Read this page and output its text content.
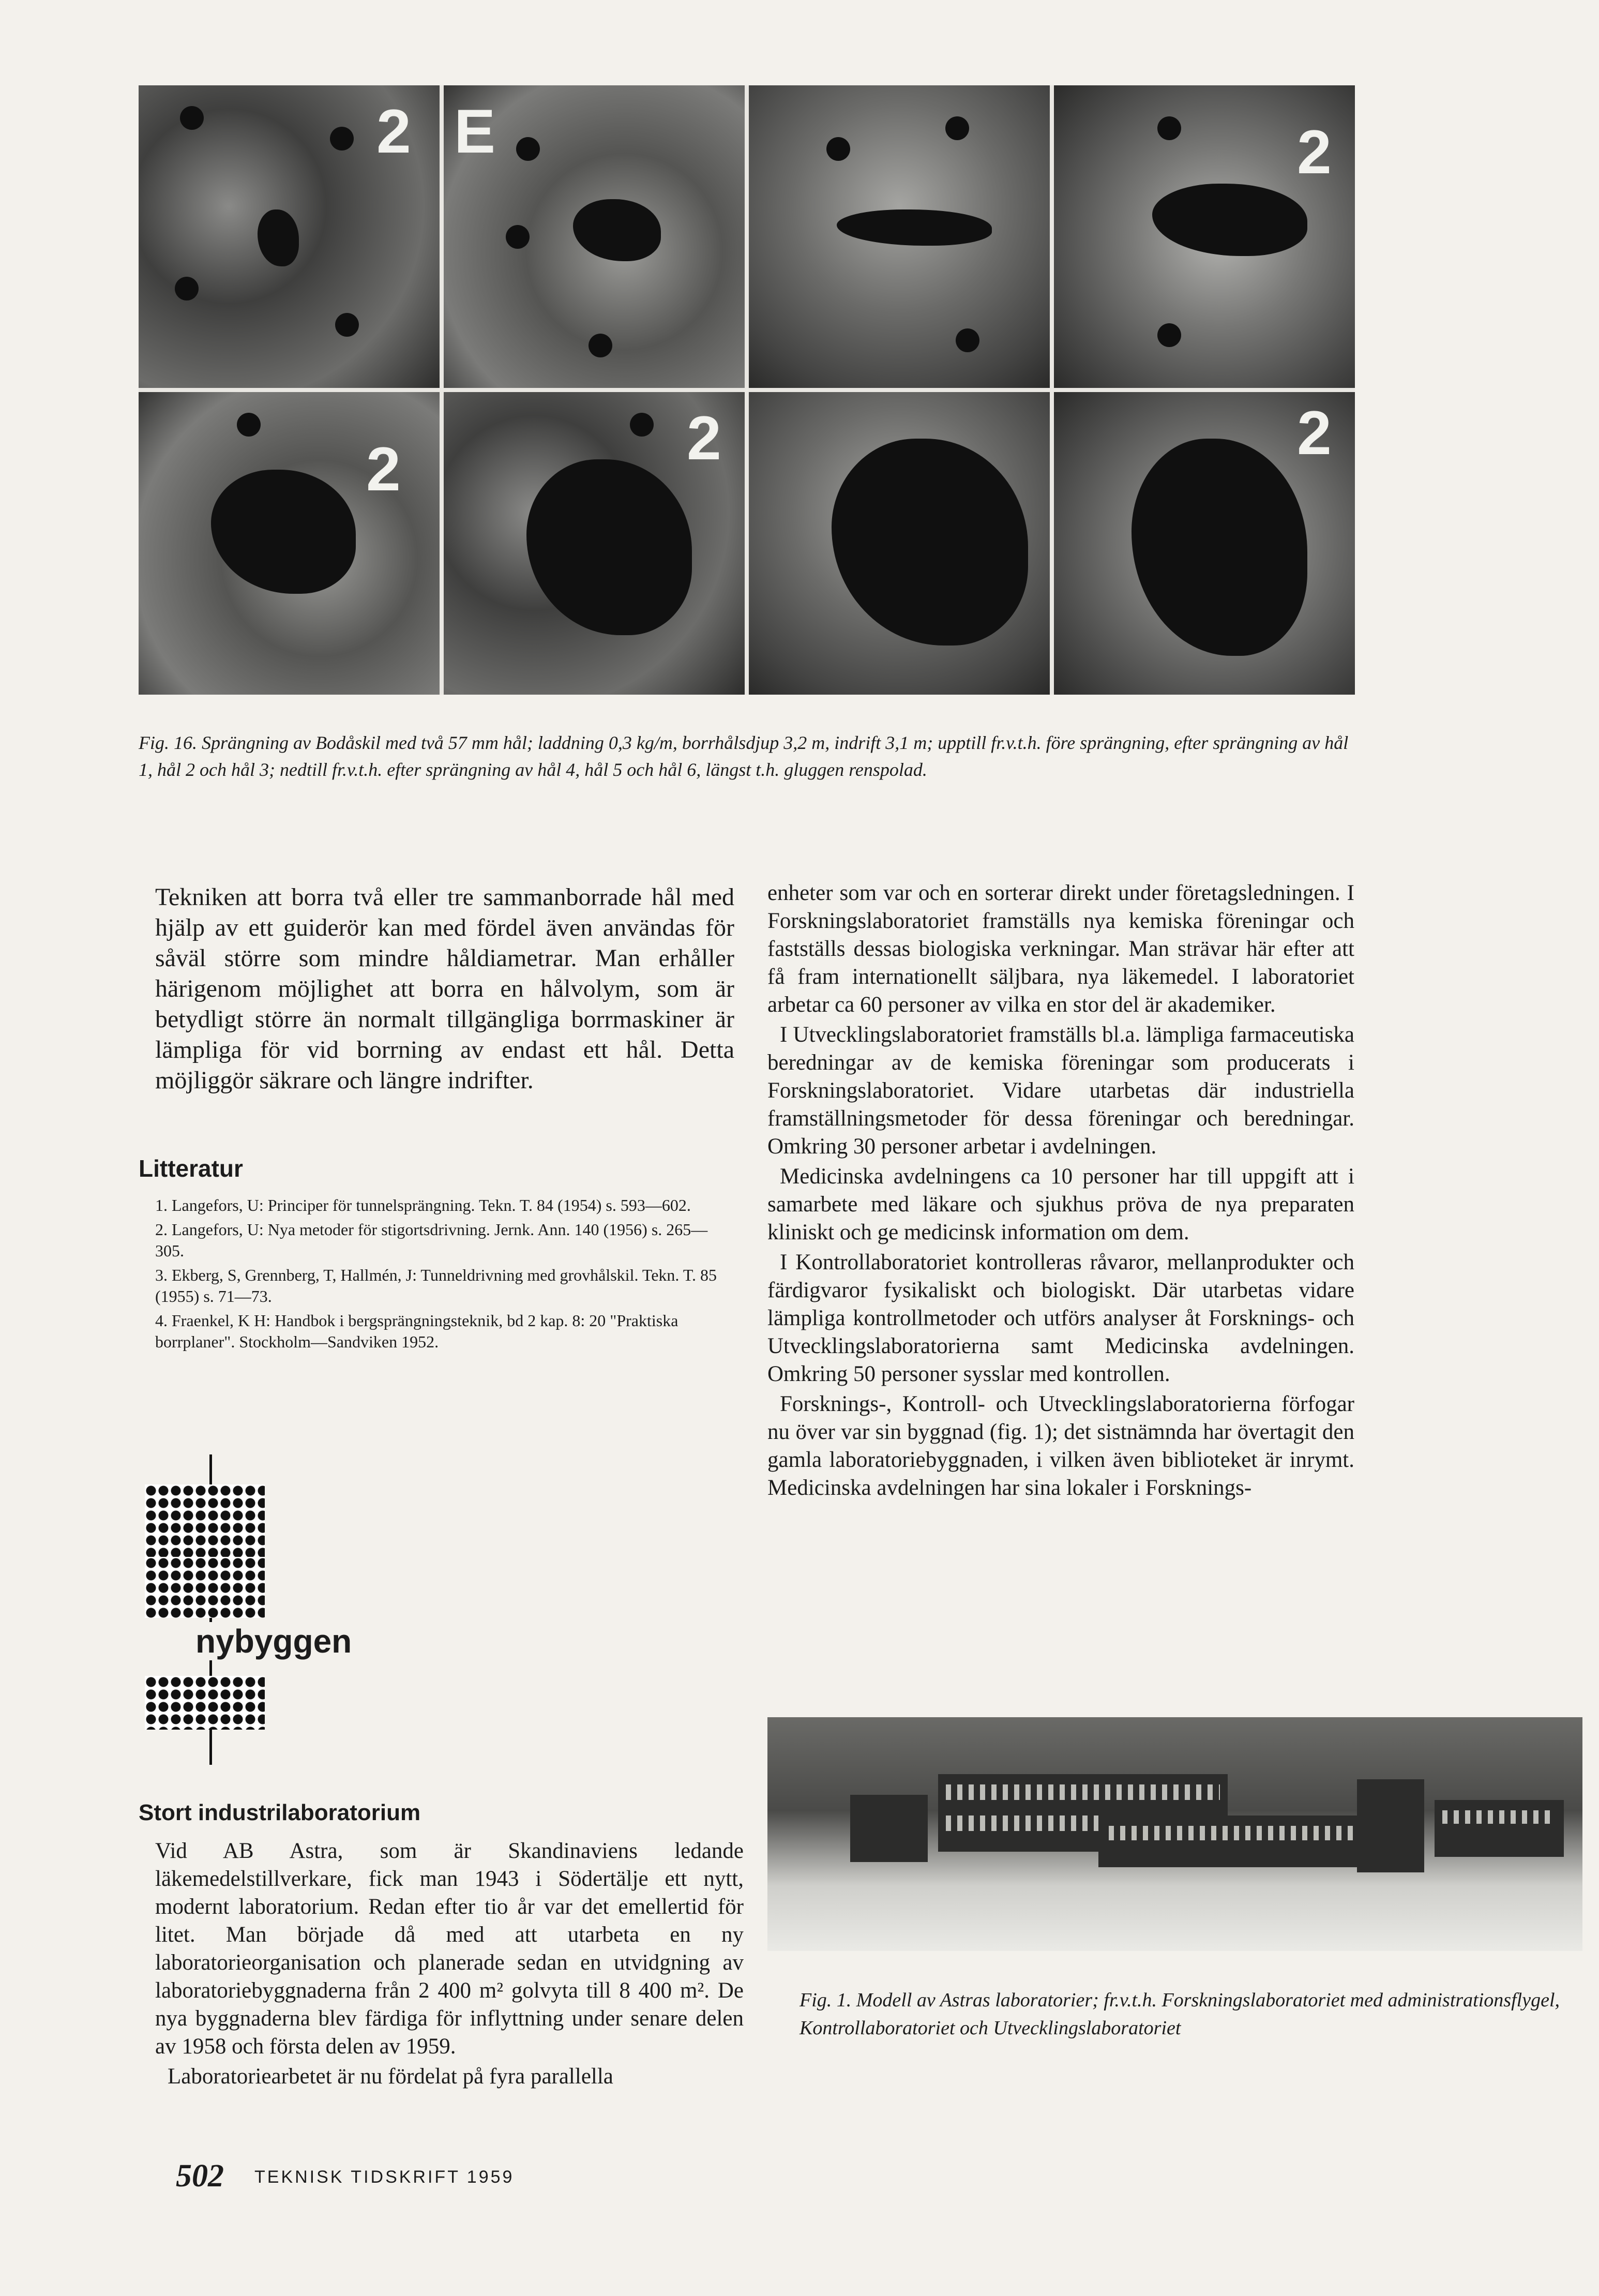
2 E	2
2	2	2
Fig. 16. Sprängning av Bodåskil med två 57 mm hål; laddning 0,3 kg/m, borrhålsdjup 3,2 m, indrift 3,1 m; upptill fr.v.t.h. före sprängning, efter sprängning av hål 1, hål 2 och hål 3; nedtill fr.v.t.h. efter sprängning av hål 4, hål 5 och hål 6, längst t.h. gluggen renspolad.
Tekniken att borra två eller tre sammanborrade hål med hjälp av ett guiderör kan med fördel även användas för såväl större som mindre håldiametrar. Man erhåller härigenom möjlighet att borra en hålvolym, som är betydligt större än normalt tillgängliga borrmaskiner är lämpliga för vid borrning av endast ett hål. Detta möjliggör säkrare och längre indrifter.
Litteratur
1. Langefors, U: Principer för tunnelsprängning. Tekn. T. 84 (1954) s. 593—602.
2. Langefors, U: Nya metoder för stigortsdrivning. Jernk. Ann. 140 (1956) s. 265—305.
3. Ekberg, S, Grennberg, T, Hallmén, J: Tunneldrivning med grovhålskil. Tekn. T. 85 (1955) s. 71—73.
4. Fraenkel, K H: Handbok i bergsprängningsteknik, bd 2 kap. 8: 20 "Praktiska borrplaner". Stockholm—Sandviken 1952.
nybyggen
Stort industrilaboratorium

Vid AB Astra, som är Skandinaviens ledande läkemedelstillverkare, fick man 1943 i Södertälje ett nytt, modernt laboratorium. Redan efter tio år var det emellertid för litet. Man började då med att utarbeta en ny laboratorieorganisation och planerade sedan en utvidgning av laboratoriebyggnaderna från 2 400 m² golvyta till 8 400 m². De nya byggnaderna blev färdiga för inflyttning under senare delen av 1958 och första delen av 1959.

Laboratoriearbetet är nu fördelat på fyra parallella

enheter som var och en sorterar direkt under företagsledningen. I Forskningslaboratoriet framställs nya kemiska föreningar och fastställs dessas biologiska verkningar. Man strävar här efter att få fram internationellt säljbara, nya läkemedel. I laboratoriet arbetar ca 60 personer av vilka en stor del är akademiker.

I Utvecklingslaboratoriet framställs bl.a. lämpliga farmaceutiska beredningar av de kemiska föreningar som producerats i Forskningslaboratoriet. Vidare utarbetas där industriella framställningsmetoder för dessa föreningar och beredningar. Omkring 30 personer arbetar i avdelningen.

Medicinska avdelningens ca 10 personer har till uppgift att i samarbete med läkare och sjukhus pröva de nya preparaten kliniskt och ge medicinsk information om dem.

I Kontrollaboratoriet kontrolleras råvaror, mellanprodukter och färdigvaror fysikaliskt och biologiskt. Där utarbetas vidare lämpliga kontrollmetoder och utförs analyser åt Forsknings- och Utvecklingslaboratorierna samt Medicinska avdelningen. Omkring 50 personer sysslar med kontrollen.

Forsknings-, Kontroll- och Utvecklingslaboratorierna förfogar nu över var sin byggnad (fig. 1); det sistnämnda har övertagit den gamla laboratoriebyggnaden, i vilken även biblioteket är inrymt. Medicinska avdelningen har sina lokaler i Forsknings-

Fig. 1. Modell av Astras laboratorier; fr.v.t.h. Forskningslaboratoriet med administrationsflygel, Kontrollaboratoriet och Utvecklingslaboratoriet
502 TEKNISK TIDSKRIFT 1959
